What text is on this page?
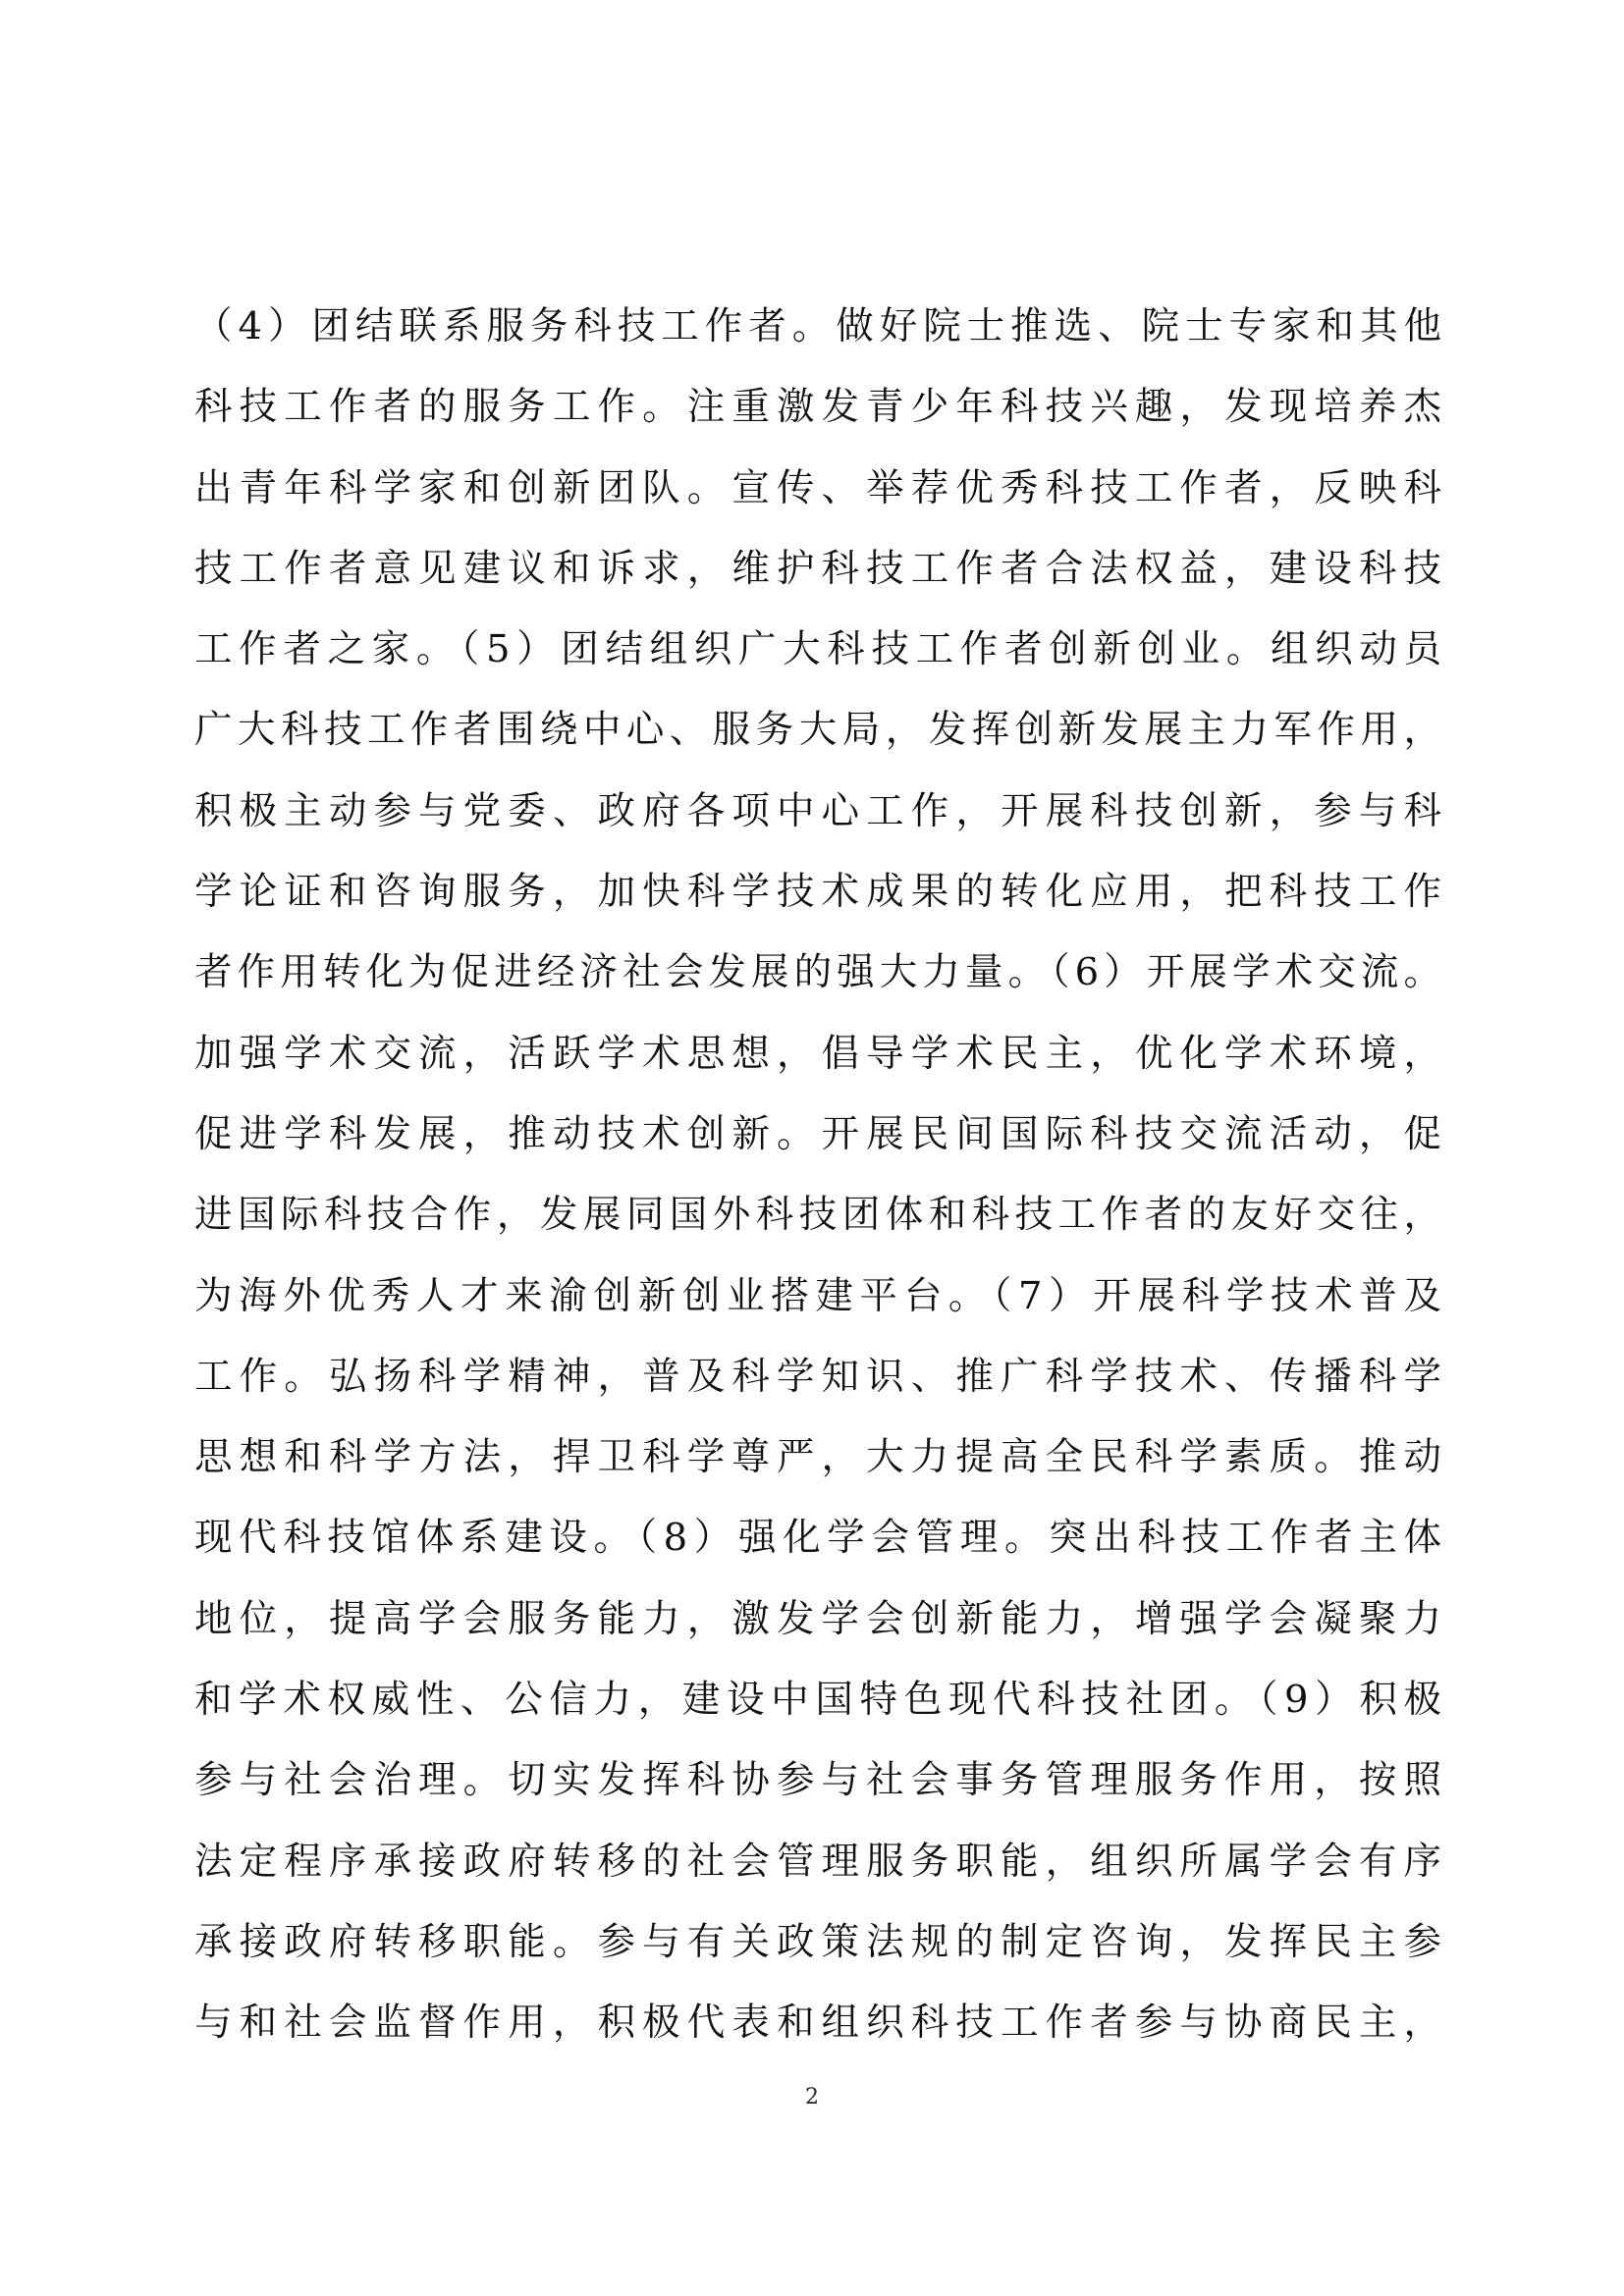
（4）团结联系服务科技工作者。做好院士推选、院士专家和其他
科技工作者的服务工作。注重激发青少年科技兴趣，发现培养杰
出青年科学家和创新团队。宣传、举荐优秀科技工作者，反映科
技工作者意见建议和诉求，维护科技工作者合法权益，建设科技
工作者之家。（5）团结组织广大科技工作者创新创业。组织动员
广大科技工作者围绕中心、服务大局，发挥创新发展主力军作用，
积极主动参与党委、政府各项中心工作，开展科技创新，参与科
学论证和咨询服务，加快科学技术成果的转化应用，把科技工作
者作用转化为促进经济社会发展的强大力量。（6）开展学术交流。
加强学术交流，活跃学术思想，倡导学术民主，优化学术环境，
促进学科发展，推动技术创新。开展民间国际科技交流活动，促
进国际科技合作，发展同国外科技团体和科技工作者的友好交往，
为海外优秀人才来渝创新创业搭建平台。（7）开展科学技术普及
工作。弘扬科学精神，普及科学知识、推广科学技术、传播科学
思想和科学方法，捍卫科学尊严，大力提高全民科学素质。推动
现代科技馆体系建设。（8）强化学会管理。突出科技工作者主体
地位，提高学会服务能力，激发学会创新能力，增强学会凝聚力
和学术权威性、公信力，建设中国特色现代科技社团。（9）积极
参与社会治理。切实发挥科协参与社会事务管理服务作用，按照
法定程序承接政府转移的社会管理服务职能，组织所属学会有序
承接政府转移职能。参与有关政策法规的制定咨询，发挥民主参
与和社会监督作用，积极代表和组织科技工作者参与协商民主，
2
